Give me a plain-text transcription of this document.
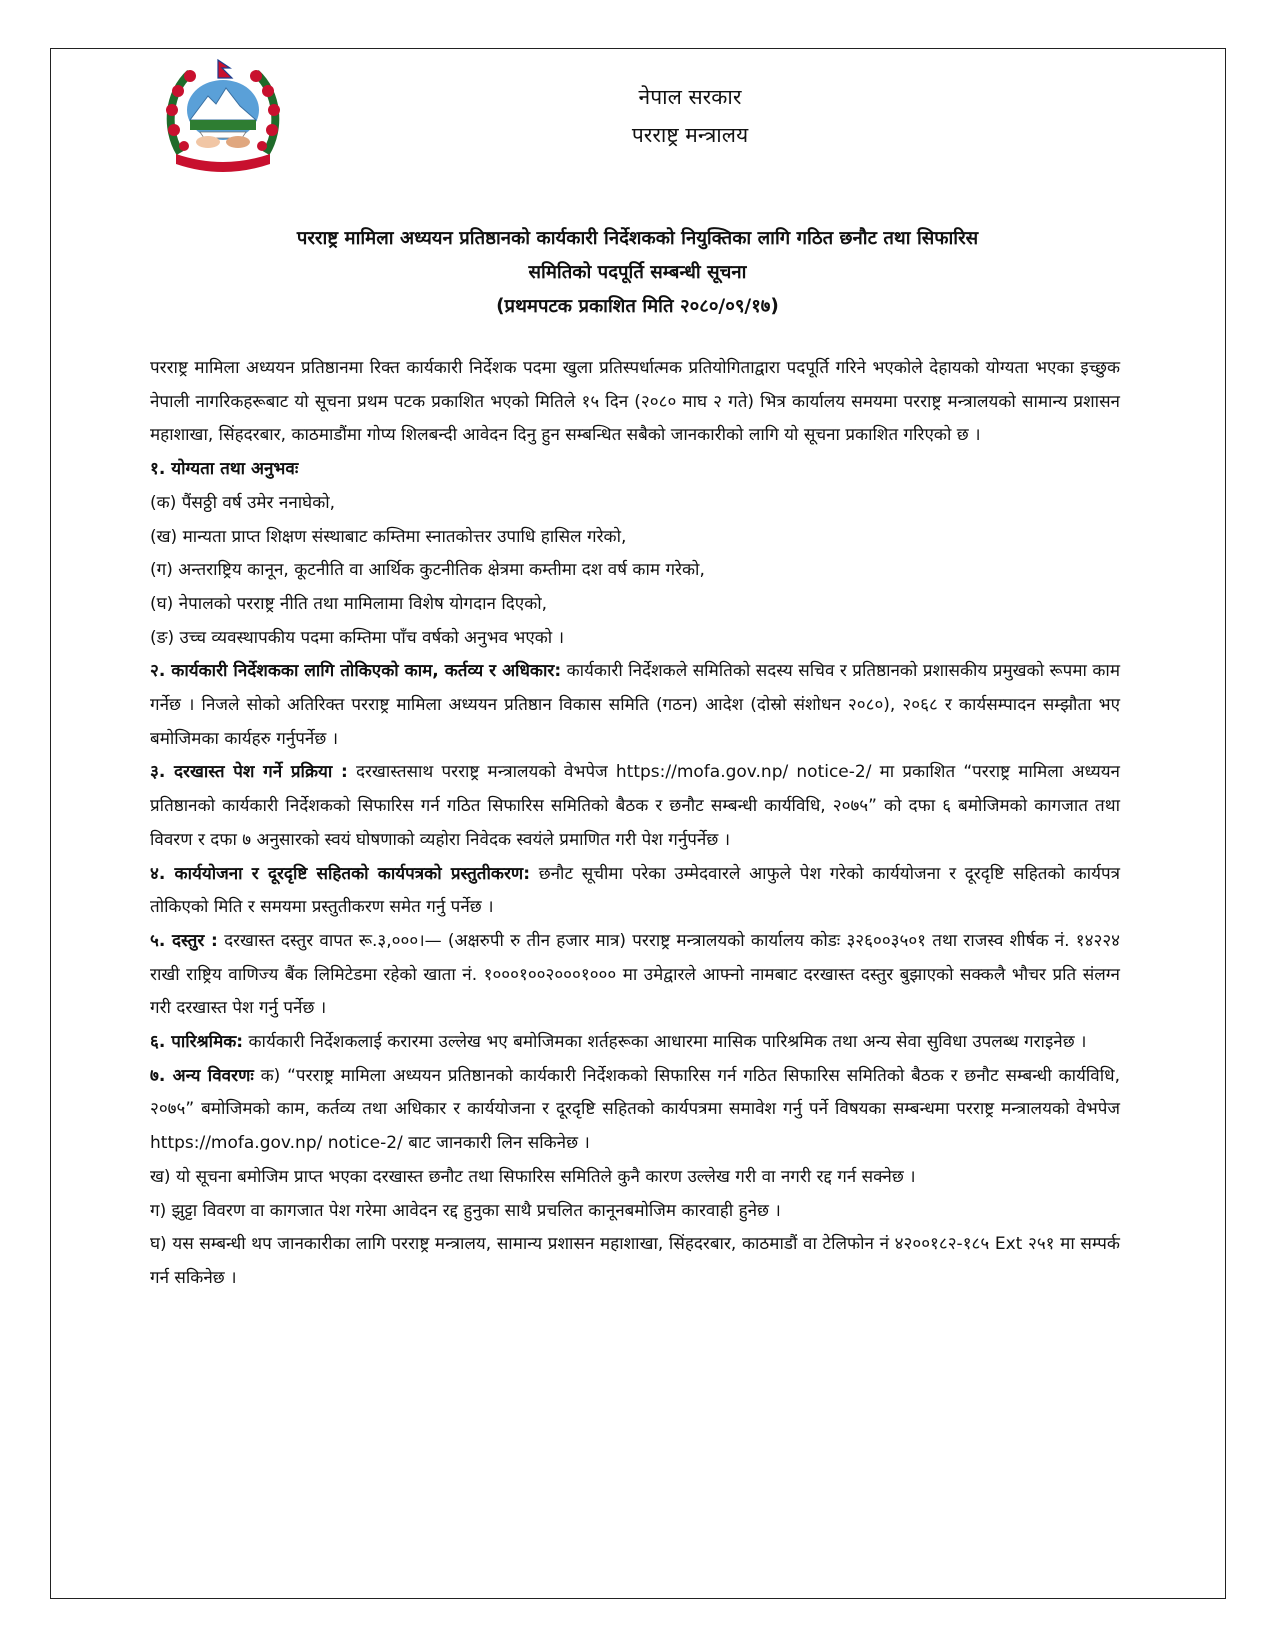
नेपाल सरकार
परराष्ट्र मन्त्रालय
परराष्ट्र मामिला अध्ययन प्रतिष्ठानको कार्यकारी निर्देशकको नियुक्तिका लागि गठित छनौट तथा सिफारिस
समितिको पदपूर्ति सम्बन्धी सूचना
(प्रथमपटक प्रकाशित मिति २०८०/०९/१७)

परराष्ट्र मामिला अध्ययन प्रतिष्ठानमा रिक्त कार्यकारी निर्देशक पदमा खुला प्रतिस्पर्धात्मक प्रतियोगिताद्वारा पदपूर्ति गरिने भएकोले देहायको योग्यता भएका इच्छुक नेपाली नागरिकहरूबाट यो सूचना प्रथम पटक प्रकाशित भएको मितिले १५ दिन (२०८० माघ २ गते) भित्र कार्यालय समयमा परराष्ट्र मन्त्रालयको सामान्य प्रशासन महाशाखा, सिंहदरबार, काठमाडौंमा गोप्य शिलबन्दी आवेदन दिनु हुन सम्बन्धित सबैको जानकारीको लागि यो सूचना प्रकाशित गरिएको छ ।

१. योग्यता तथा अनुभवः

(क) पैंसठ्ठी वर्ष उमेर ननाघेको,

(ख) मान्यता प्राप्त शिक्षण संस्थाबाट कम्तिमा स्नातकोत्तर उपाधि हासिल गरेको,

(ग) अन्तराष्ट्रिय कानून, कूटनीति वा आर्थिक कुटनीतिक क्षेत्रमा कम्तीमा दश वर्ष काम गरेको,

(घ) नेपालको परराष्ट्र नीति तथा मामिलामा विशेष योगदान दिएको,

(ङ) उच्च व्यवस्थापकीय पदमा कम्तिमा पाँच वर्षको अनुभव भएको ।

२. कार्यकारी निर्देशकका लागि तोकिएको काम, कर्तव्य र अधिकार: कार्यकारी निर्देशकले समितिको सदस्य सचिव र प्रतिष्ठानको प्रशासकीय प्रमुखको रूपमा काम गर्नेछ । निजले सोको अतिरिक्त परराष्ट्र मामिला अध्ययन प्रतिष्ठान विकास समिति (गठन) आदेश (दोस्रो संशोधन २०८०), २०६८ र कार्यसम्पादन सम्झौता भए बमोजिमका कार्यहरु गर्नुपर्नेछ ।

३. दरखास्त पेश गर्ने प्रक्रिया : दरखास्तसाथ परराष्ट्र मन्त्रालयको वेभपेज https://mofa.gov.np/ notice-2/ मा प्रकाशित “परराष्ट्र मामिला अध्ययन प्रतिष्ठानको कार्यकारी निर्देशकको सिफारिस गर्न गठित सिफारिस समितिको बैठक र छनौट सम्बन्धी कार्यविधि, २०७५” को दफा ६ बमोजिमको कागजात तथा विवरण र दफा ७ अनुसारको स्वयं घोषणाको व्यहोरा निवेदक स्वयंले प्रमाणित गरी पेश गर्नुपर्नेछ ।

४. कार्ययोजना र दूरदृष्टि सहितको कार्यपत्रको प्रस्तुतीकरण: छनौट सूचीमा परेका उम्मेदवारले आफुले पेश गरेको कार्ययोजना र दूरदृष्टि सहितको कार्यपत्र तोकिएको मिति र समयमा प्रस्तुतीकरण समेत गर्नु पर्नेछ ।

५. दस्तुर : दरखास्त दस्तुर वापत रू.३,०००।— (अक्षरुपी रु तीन हजार मात्र) परराष्ट्र मन्त्रालयको कार्यालय कोडः ३२६००३५०१ तथा राजस्व शीर्षक नं. १४२२४ राखी राष्ट्रिय वाणिज्य बैंक लिमिटेडमा रहेको खाता नं. १०००१००२०००१००० मा उमेद्वारले आफ्नो नामबाट दरखास्त दस्तुर बुझाएको सक्कलै भौचर प्रति संलग्न गरी दरखास्त पेश गर्नु पर्नेछ ।

६. पारिश्रमिक: कार्यकारी निर्देशकलाई करारमा उल्लेख भए बमोजिमका शर्तहरूका आधारमा मासिक पारिश्रमिक तथा अन्य सेवा सुविधा उपलब्ध गराइनेछ ।

७. अन्य विवरणः क) “परराष्ट्र मामिला अध्ययन प्रतिष्ठानको कार्यकारी निर्देशकको सिफारिस गर्न गठित सिफारिस समितिको बैठक र छनौट सम्बन्धी कार्यविधि, २०७५” बमोजिमको काम, कर्तव्य तथा अधिकार र कार्ययोजना र दूरदृष्टि सहितको कार्यपत्रमा समावेश गर्नु पर्ने विषयका सम्बन्धमा परराष्ट्र मन्त्रालयको वेभपेज https://mofa.gov.np/ notice-2/ बाट जानकारी लिन सकिनेछ ।

ख) यो सूचना बमोजिम प्राप्त भएका दरखास्त छनौट तथा सिफारिस समितिले कुनै कारण उल्लेख गरी वा नगरी रद्द गर्न सक्नेछ ।

ग) झुट्टा विवरण वा कागजात पेश गरेमा आवेदन रद्द हुनुका साथै प्रचलित कानूनबमोजिम कारवाही हुनेछ ।

घ) यस सम्बन्धी थप जानकारीका लागि परराष्ट्र मन्त्रालय, सामान्य प्रशासन महाशाखा, सिंहदरबार, काठमाडौं वा टेलिफोन नं ४२००१८२-१८५ Ext २५१ मा सम्पर्क गर्न सकिनेछ ।
